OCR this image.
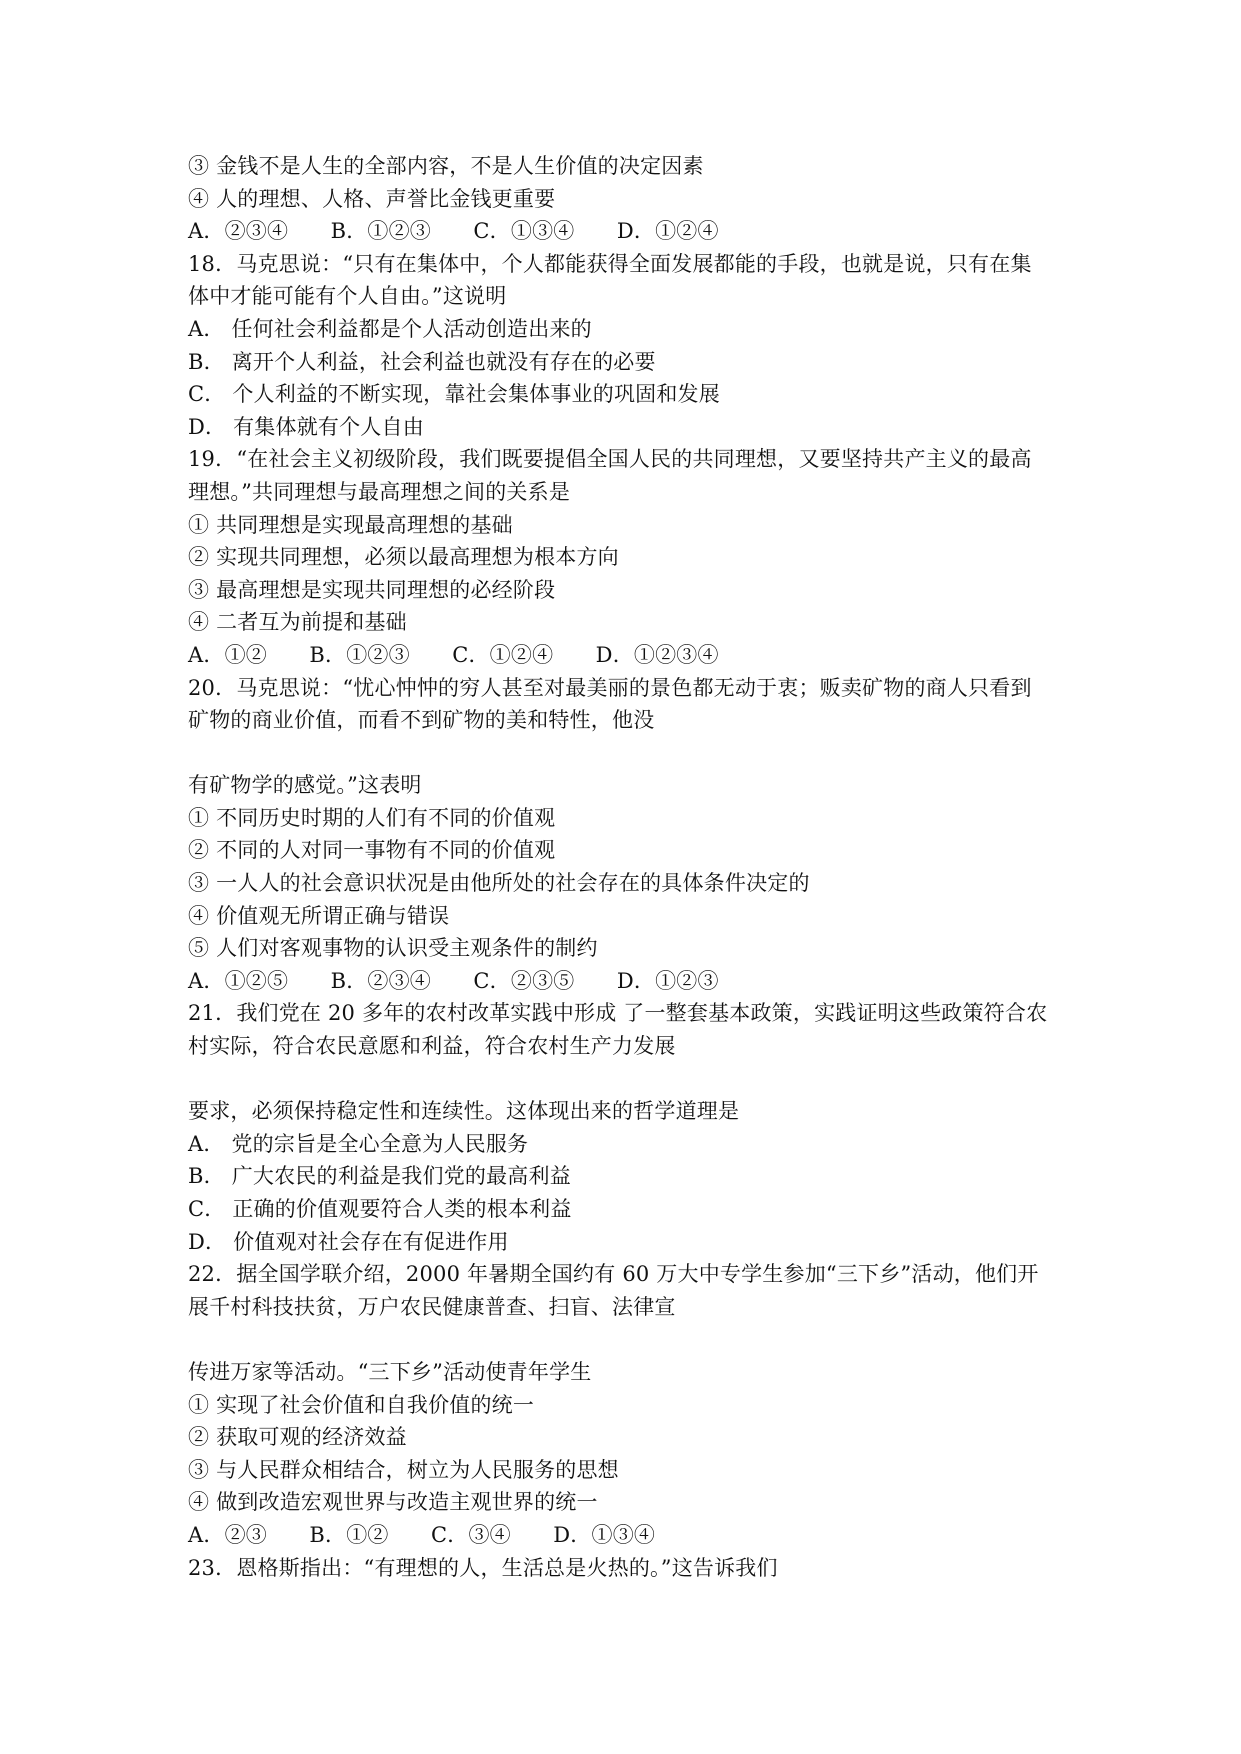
③ 金钱不是人生的全部内容，不是人生价值的决定因素
④ 人的理想、人格、声誉比金钱更重要
A．②③④　　B．①②③　　C．①③④　　D．①②④
18．马克思说：“只有在集体中，个人都能获得全面发展都能的手段，也就是说，只有在集
体中才能可能有个人自由。”这说明
A． 任何社会利益都是个人活动创造出来的
B． 离开个人利益，社会利益也就没有存在的必要
C． 个人利益的不断实现，靠社会集体事业的巩固和发展
D． 有集体就有个人自由
19．“在社会主义初级阶段，我们既要提倡全国人民的共同理想，又要坚持共产主义的最高
理想。”共同理想与最高理想之间的关系是
① 共同理想是实现最高理想的基础
② 实现共同理想，必须以最高理想为根本方向
③ 最高理想是实现共同理想的必经阶段
④ 二者互为前提和基础
A．①②　　B．①②③　　C．①②④　　D．①②③④
20．马克思说：“忧心忡忡的穷人甚至对最美丽的景色都无动于衷；贩卖矿物的商人只看到
矿物的商业价值，而看不到矿物的美和特性，他没
有矿物学的感觉。”这表明
① 不同历史时期的人们有不同的价值观
② 不同的人对同一事物有不同的价值观
③ 一人人的社会意识状况是由他所处的社会存在的具体条件决定的
④ 价值观无所谓正确与错误
⑤ 人们对客观事物的认识受主观条件的制约
A．①②⑤　　B．②③④　　C．②③⑤　　D．①②③
21．我们党在 20 多年的农村改革实践中形成 了一整套基本政策，实践证明这些政策符合农
村实际，符合农民意愿和利益，符合农村生产力发展
要求，必须保持稳定性和连续性。这体现出来的哲学道理是
A． 党的宗旨是全心全意为人民服务
B． 广大农民的利益是我们党的最高利益
C． 正确的价值观要符合人类的根本利益
D． 价值观对社会存在有促进作用
22．据全国学联介绍，2000 年暑期全国约有 60 万大中专学生参加“三下乡”活动，他们开
展千村科技扶贫，万户农民健康普查、扫盲、法律宣
传进万家等活动。“三下乡”活动使青年学生
① 实现了社会价值和自我价值的统一
② 获取可观的经济效益
③ 与人民群众相结合，树立为人民服务的思想
④ 做到改造宏观世界与改造主观世界的统一
A．②③　　B．①②　　C．③④　　D．①③④
23．恩格斯指出：“有理想的人，生活总是火热的。”这告诉我们
